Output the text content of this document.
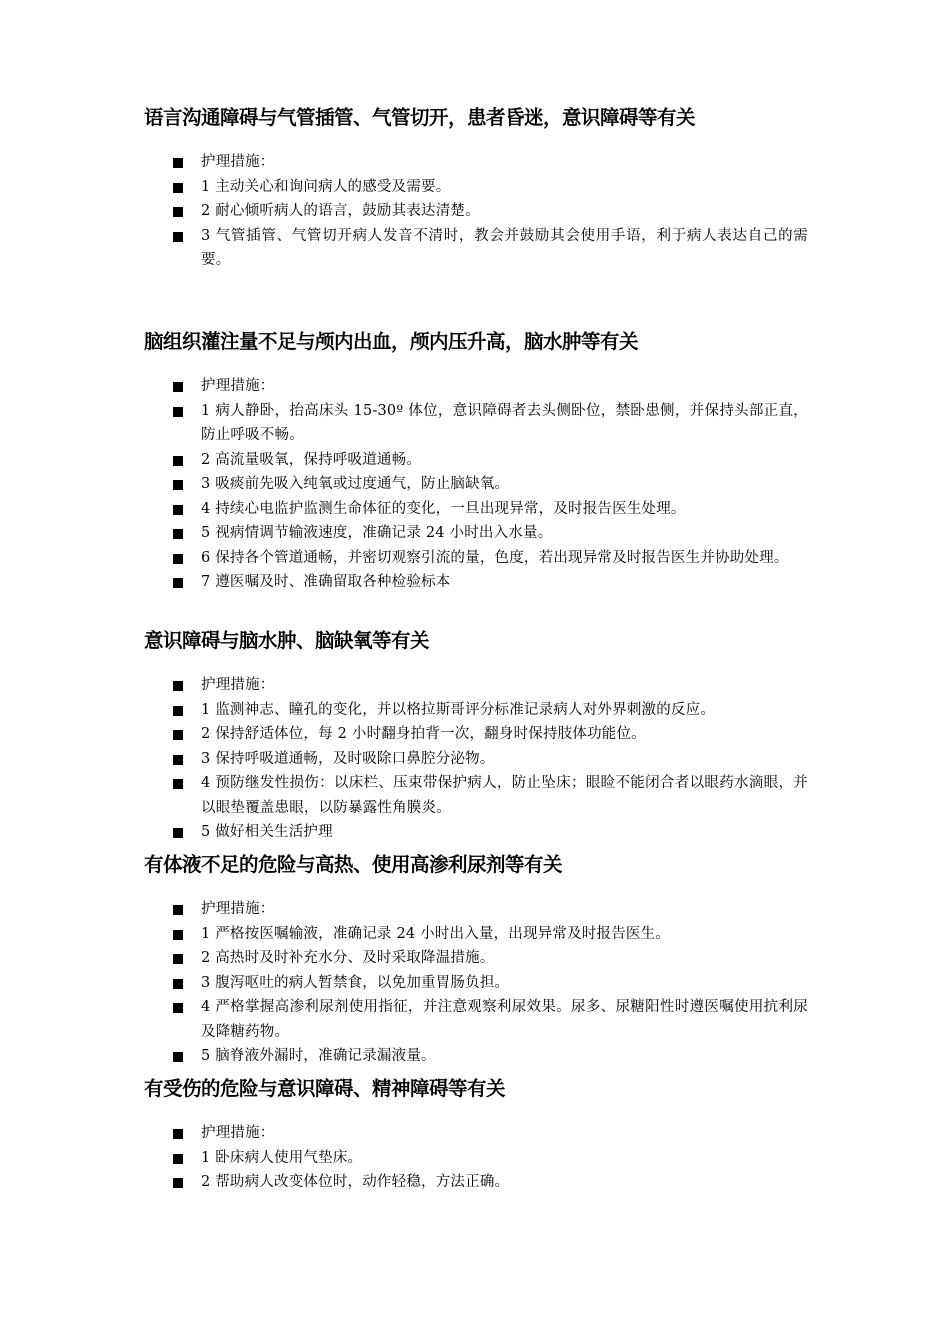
语言沟通障碍与气管插管、气管切开，患者昏迷，意识障碍等有关
护理措施：
1 主动关心和询问病人的感受及需要。
2 耐心倾听病人的语言，鼓励其表达清楚。
3 气管插管、气管切开病人发音不清时，教会并鼓励其会使用手语，利于病人表达自己的需要。
脑组织灌注量不足与颅内出血，颅内压升高，脑水肿等有关
护理措施：
1 病人静卧，抬高床头 15-30º 体位，意识障碍者去头侧卧位，禁卧患侧，并保持头部正直，防止呼吸不畅。
2 高流量吸氧，保持呼吸道通畅。
3 吸痰前先吸入纯氧或过度通气，防止脑缺氧。
4 持续心电监护监测生命体征的变化，一旦出现异常，及时报告医生处理。
5 视病情调节输液速度，准确记录 24 小时出入水量。
6 保持各个管道通畅，并密切观察引流的量，色度，若出现异常及时报告医生并协助处理。
7 遵医嘱及时、准确留取各种检验标本
意识障碍与脑水肿、脑缺氧等有关
护理措施：
1 监测神志、瞳孔的变化，并以格拉斯哥评分标准记录病人对外界刺激的反应。
2 保持舒适体位，每 2 小时翻身拍背一次，翻身时保持肢体功能位。
3 保持呼吸道通畅，及时吸除口鼻腔分泌物。
4 预防继发性损伤：以床栏、压束带保护病人，防止坠床；眼睑不能闭合者以眼药水滴眼，并以眼垫覆盖患眼，以防暴露性角膜炎。
5 做好相关生活护理
有体液不足的危险与高热、使用高渗利尿剂等有关
护理措施：
1 严格按医嘱输液，准确记录 24 小时出入量，出现异常及时报告医生。
2 高热时及时补充水分、及时采取降温措施。
3 腹泻呕吐的病人暂禁食，以免加重胃肠负担。
4 严格掌握高渗利尿剂使用指征，并注意观察利尿效果。尿多、尿糖阳性时遵医嘱使用抗利尿及降糖药物。
5 脑脊液外漏时，准确记录漏液量。
有受伤的危险与意识障碍、精神障碍等有关
护理措施：
1 卧床病人使用气垫床。
2 帮助病人改变体位时，动作轻稳，方法正确。
